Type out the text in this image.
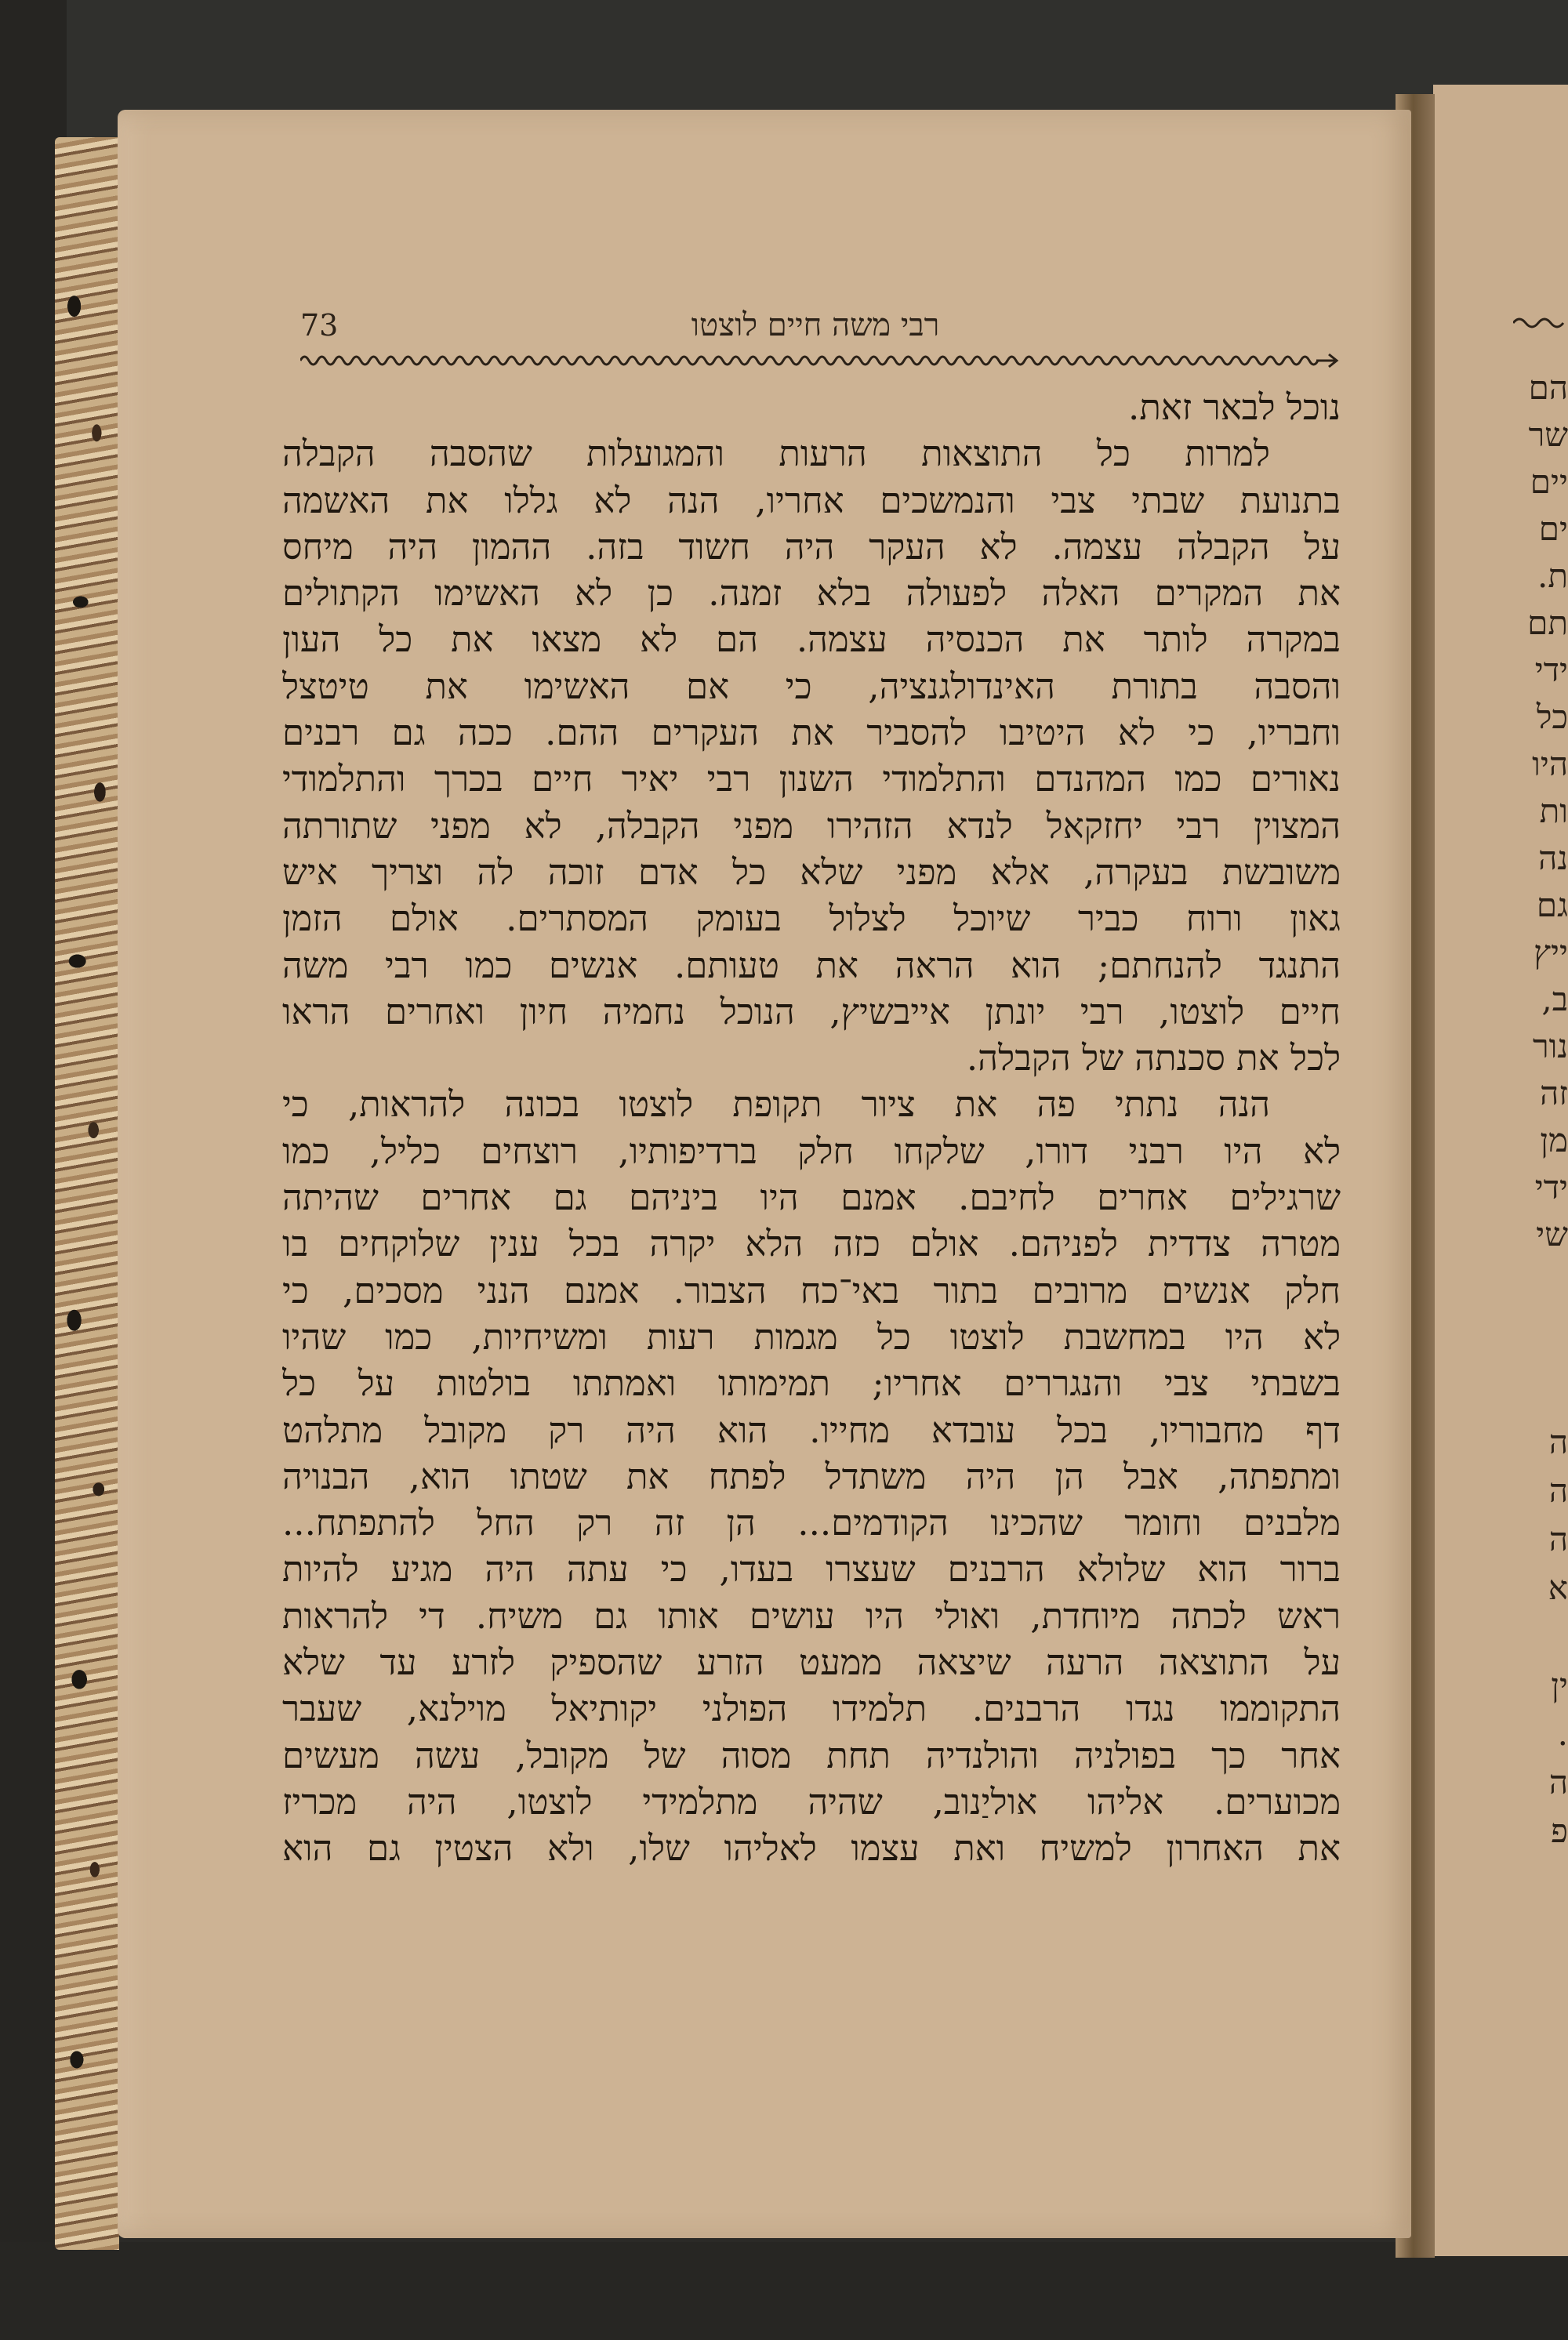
73	רבי משה חיים לוצטו
נוכל לבאר זאת.
למרות כל התוצאות הרעות והמגועלות שהסבה הקבלה
בתנועת שבתי צבי והנמשכים אחריו, הנה לא גללו את האשמה
על הקבלה עצמה. לא העקר היה חשוד בזה. ההמון היה מיחס
את המקרים האלה לפעולה בלא זמנה. כן לא האשימו הקתולים
במקרה לותר את הכנסיה עצמה. הם לא מצאו את כל העון
והסבה בתורת האינדולגנציה, כי אם האשימו את טיטצל
וחבריו, כי לא היטיבו להסביר את העקרים ההם. ככה גם רבנים
נאורים כמו המהנדם והתלמודי השנון רבי יאיר חיים בכרך והתלמודי
המצוין רבי יחזקאל לנדא הזהירו מפני הקבלה, לא מפני שתורתה
משובשת בעקרה, אלא מפני שלא כל אדם זוכה לה וצריך איש
גאון ורוח כביר שיוכל לצלול בעומק המסתרים. אולם הזמן
התנגד להנחתם; הוא הראה את טעותם. אנשים כמו רבי משה
חיים לוצטו, רבי יונתן אייבשיץ, הנוכל נחמיה חיון ואחרים הראו
לכל את סכנתה של הקבלה.
הנה נתתי פה את ציור תקופת לוצטו בכונה להראות, כי
לא היו רבני דורו, שלקחו חלק ברדיפותיו, רוצחים כליל, כמו
שרגילים אחרים לחיבם. אמנם היו ביניהם גם אחרים שהיתה
מטרה צדדית לפניהם. אולם כזה הלא יקרה בכל ענין שלוקחים בו
חלק אנשים מרובים בתור באי־כח הצבור. אמנם הנני מסכים, כי
לא היו במחשבת לוצטו כל מגמות רעות ומשיחיות, כמו שהיו
בשבתי צבי והנגררים אחריו; תמימותו ואמתתו בולטות על כל
דף מחבוריו, בכל עובדא מחייו. הוא היה רק מקובל מתלהט
ומתפתה, אבל הן היה משתדל לפתח את שטתו הוא, הבנויה
מלבנים וחומר שהכינו הקודמים... הן זה רק החל להתפתח...
ברור הוא שלולא הרבנים שעצרו בעדו, כי עתה היה מגיע להיות
ראש לכתה מיוחדת, ואולי היו עושים אותו גם משיח. די להראות
על התוצאה הרעה שיצאה ממעט הזרע שהספיק לזרע עד שלא
התקוממו נגדו הרבנים. תלמידו הפולני יקותיאל מוילנא, שעבר
אחר כך בפולניה והולנדיה תחת מסוה של מקובל, עשה מעשים
מכוערים. אליהו אוליַנוב, שהיה מתלמידי לוצטו, היה מכריז
את האחרון למשיח ואת עצמו לאליהו שלו, ולא הצטין גם הוא
הם
שר
יים
ים
ת.
תם
ידי
כל
היו
ות
נה
גם
ייץ
ב,
נור
זה
מן
ידי
שי
ה
ה
ה
א
ין
.
ה
פ
